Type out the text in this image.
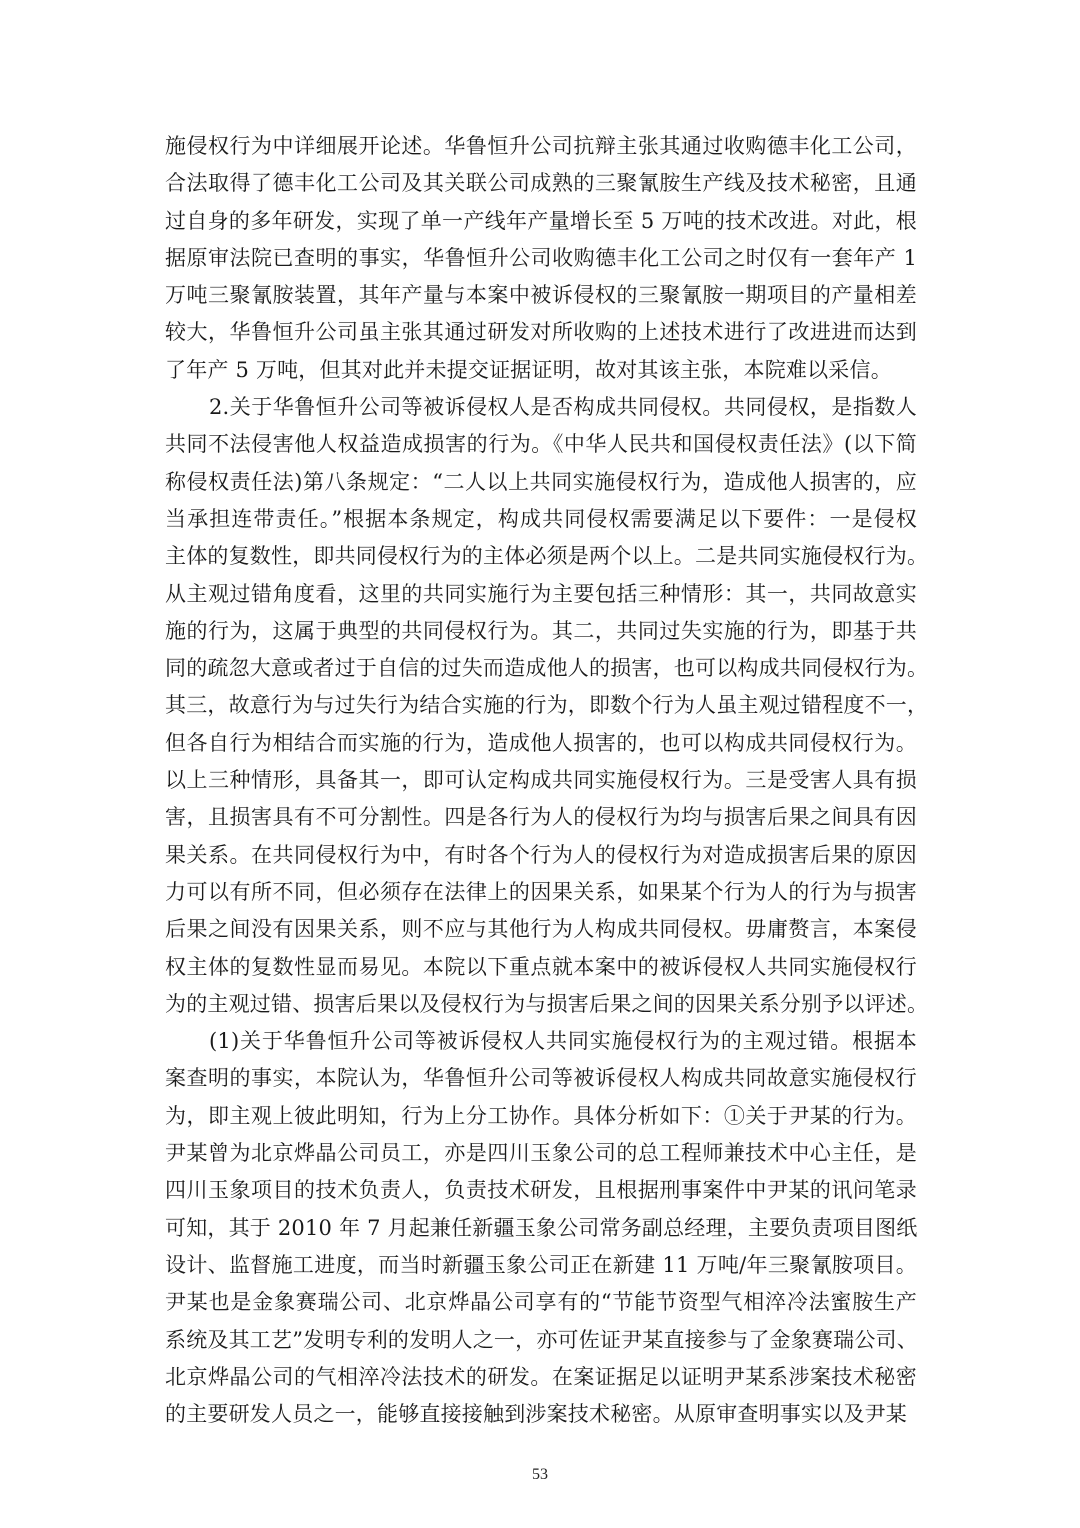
施侵权行为中详细展开论述。华鲁恒升公司抗辩主张其通过收购德丰化工公司，
合法取得了德丰化工公司及其关联公司成熟的三聚氰胺生产线及技术秘密，且通
过自身的多年研发，实现了单一产线年产量增长至 5 万吨的技术改进。对此，根
据原审法院已查明的事实，华鲁恒升公司收购德丰化工公司之时仅有一套年产 1
万吨三聚氰胺装置，其年产量与本案中被诉侵权的三聚氰胺一期项目的产量相差
较大，华鲁恒升公司虽主张其通过研发对所收购的上述技术进行了改进进而达到
了年产 5 万吨，但其对此并未提交证据证明，故对其该主张，本院难以采信。
2.关于华鲁恒升公司等被诉侵权人是否构成共同侵权。共同侵权，是指数人
共同不法侵害他人权益造成损害的行为。《中华人民共和国侵权责任法》(以下简
称侵权责任法)第八条规定：“二人以上共同实施侵权行为，造成他人损害的，应
当承担连带责任。”根据本条规定，构成共同侵权需要满足以下要件：一是侵权
主体的复数性，即共同侵权行为的主体必须是两个以上。二是共同实施侵权行为。
从主观过错角度看，这里的共同实施行为主要包括三种情形：其一，共同故意实
施的行为，这属于典型的共同侵权行为。其二，共同过失实施的行为，即基于共
同的疏忽大意或者过于自信的过失而造成他人的损害，也可以构成共同侵权行为。
其三，故意行为与过失行为结合实施的行为，即数个行为人虽主观过错程度不一，
但各自行为相结合而实施的行为，造成他人损害的，也可以构成共同侵权行为。
以上三种情形，具备其一，即可认定构成共同实施侵权行为。三是受害人具有损
害，且损害具有不可分割性。四是各行为人的侵权行为均与损害后果之间具有因
果关系。在共同侵权行为中，有时各个行为人的侵权行为对造成损害后果的原因
力可以有所不同，但必须存在法律上的因果关系，如果某个行为人的行为与损害
后果之间没有因果关系，则不应与其他行为人构成共同侵权。毋庸赘言，本案侵
权主体的复数性显而易见。本院以下重点就本案中的被诉侵权人共同实施侵权行
为的主观过错、损害后果以及侵权行为与损害后果之间的因果关系分别予以评述。
(1)关于华鲁恒升公司等被诉侵权人共同实施侵权行为的主观过错。根据本
案查明的事实，本院认为，华鲁恒升公司等被诉侵权人构成共同故意实施侵权行
为，即主观上彼此明知，行为上分工协作。具体分析如下：①关于尹某的行为。
尹某曾为北京烨晶公司员工，亦是四川玉象公司的总工程师兼技术中心主任，是
四川玉象项目的技术负责人，负责技术研发，且根据刑事案件中尹某的讯问笔录
可知，其于 2010 年 7 月起兼任新疆玉象公司常务副总经理，主要负责项目图纸
设计、监督施工进度，而当时新疆玉象公司正在新建 11 万吨/年三聚氰胺项目。
尹某也是金象赛瑞公司、北京烨晶公司享有的“节能节资型气相淬冷法蜜胺生产
系统及其工艺”发明专利的发明人之一，亦可佐证尹某直接参与了金象赛瑞公司、
北京烨晶公司的气相淬冷法技术的研发。在案证据足以证明尹某系涉案技术秘密
的主要研发人员之一，能够直接接触到涉案技术秘密。从原审查明事实以及尹某
53
